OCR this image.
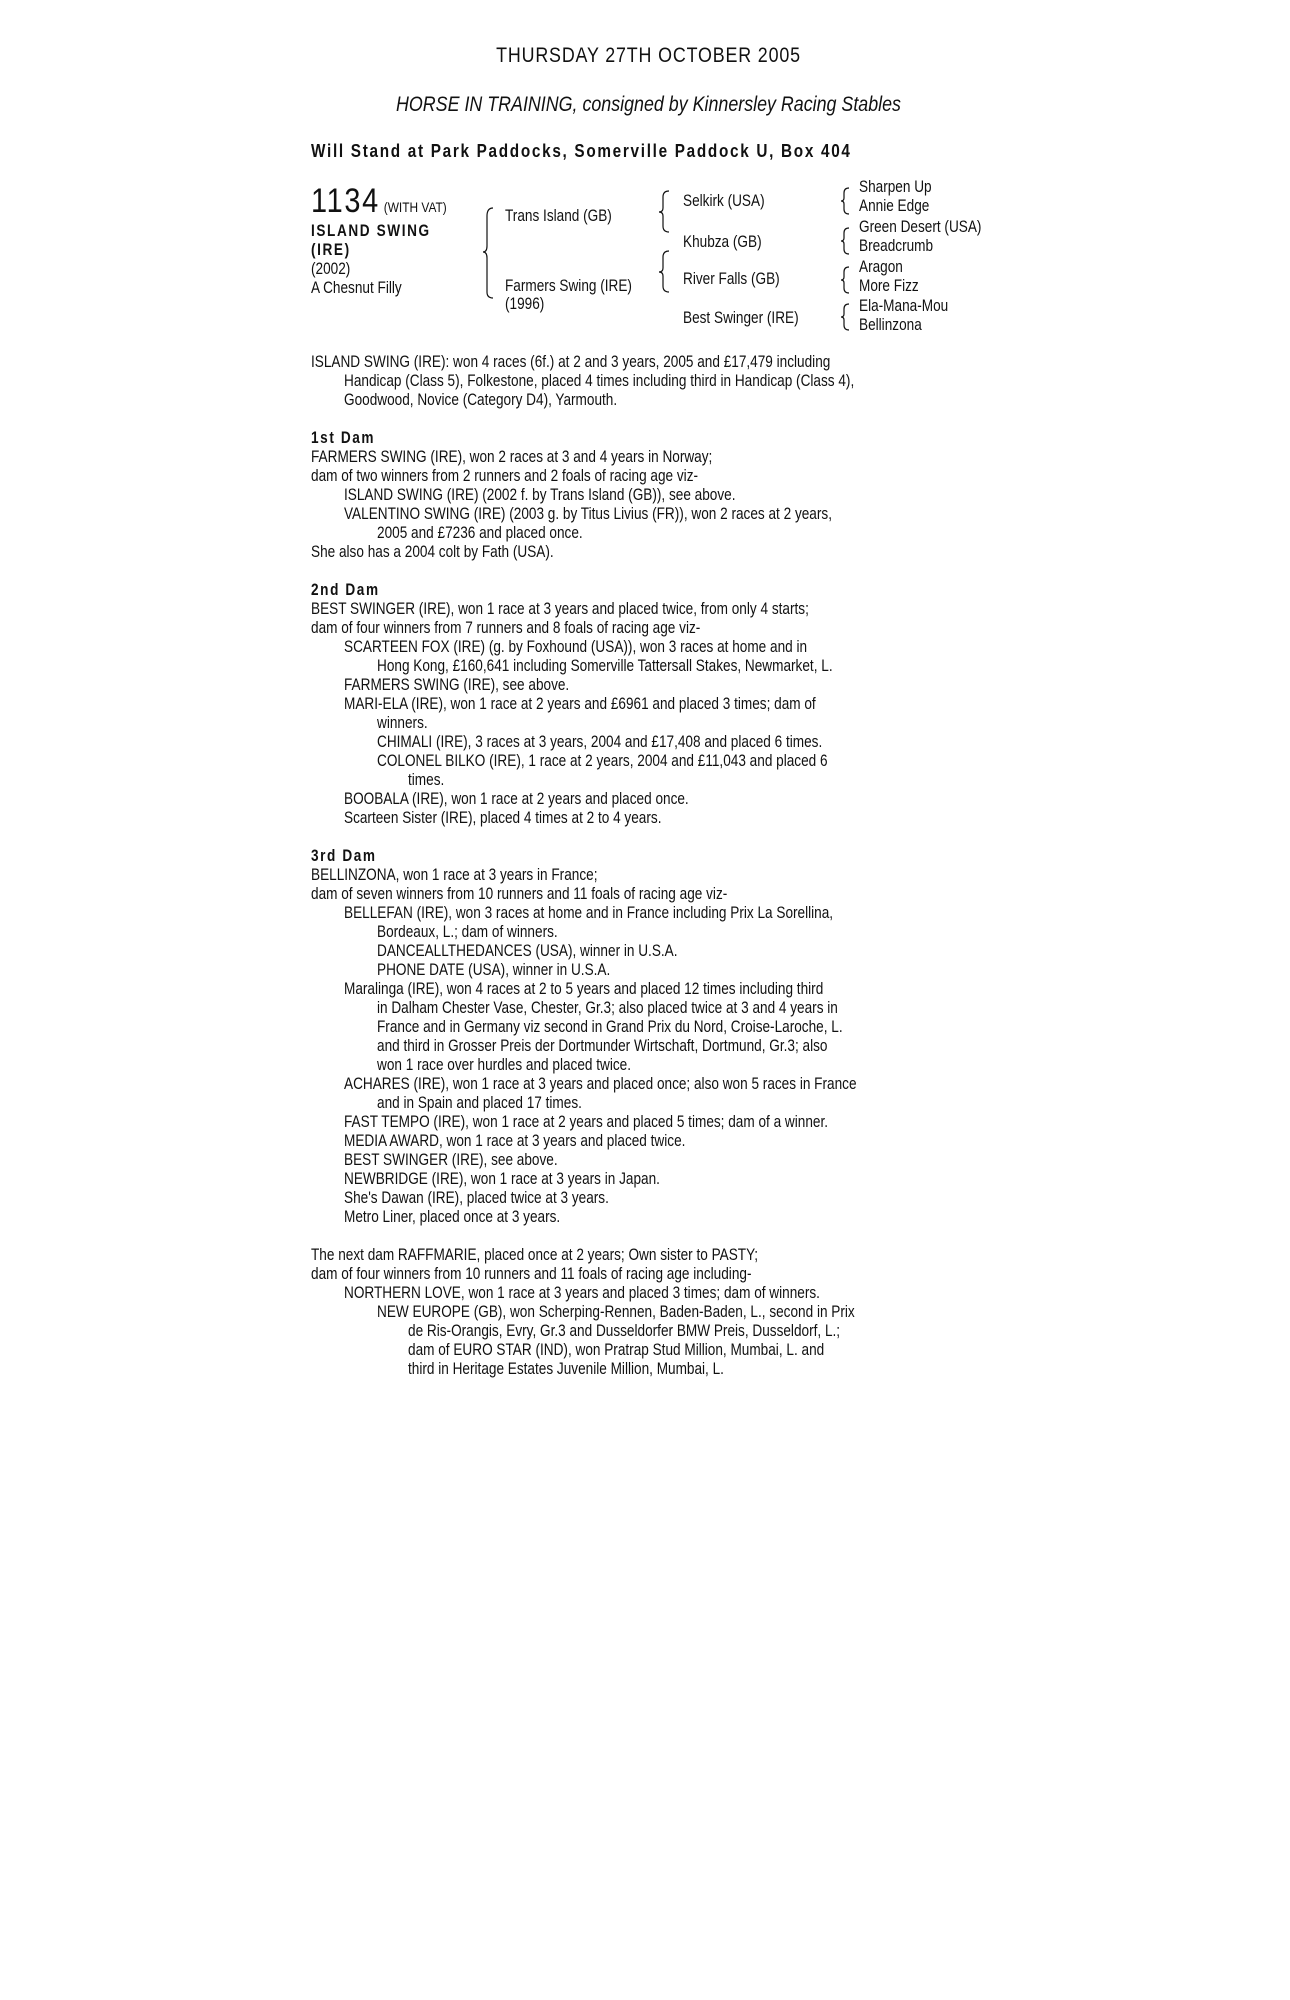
THURSDAY 27TH OCTOBER 2005
HORSE IN TRAINING, consigned by Kinnersley Racing Stables
Will Stand at Park Paddocks, Somerville Paddock U, Box 404
1134 (WITH VAT)
ISLAND SWING
(IRE)
(2002)
A Chesnut Filly
Trans Island (GB)
Farmers Swing (IRE)
(1996)
Selkirk (USA)
Khubza (GB)
River Falls (GB)
Best Swinger (IRE)
Sharpen Up
Annie Edge
Green Desert (USA)
Breadcrumb
Aragon
More Fizz
Ela-Mana-Mou
Bellinzona
ISLAND SWING (IRE): won 4 races (6f.) at 2 and 3 years, 2005 and £17,479 including
Handicap (Class 5), Folkestone, placed 4 times including third in Handicap (Class 4),
Goodwood, Novice (Category D4), Yarmouth.
1st Dam
FARMERS SWING (IRE), won 2 races at 3 and 4 years in Norway;
dam of two winners from 2 runners and 2 foals of racing age viz-
ISLAND SWING (IRE) (2002 f. by Trans Island (GB)), see above.
VALENTINO SWING (IRE) (2003 g. by Titus Livius (FR)), won 2 races at 2 years,
2005 and £7236 and placed once.
She also has a 2004 colt by Fath (USA).
2nd Dam
BEST SWINGER (IRE), won 1 race at 3 years and placed twice, from only 4 starts;
dam of four winners from 7 runners and 8 foals of racing age viz-
SCARTEEN FOX (IRE) (g. by Foxhound (USA)), won 3 races at home and in
Hong Kong, £160,641 including Somerville Tattersall Stakes, Newmarket, L.
FARMERS SWING (IRE), see above.
MARI-ELA (IRE), won 1 race at 2 years and £6961 and placed 3 times; dam of
winners.
CHIMALI (IRE), 3 races at 3 years, 2004 and £17,408 and placed 6 times.
COLONEL BILKO (IRE), 1 race at 2 years, 2004 and £11,043 and placed 6
times.
BOOBALA (IRE), won 1 race at 2 years and placed once.
Scarteen Sister (IRE), placed 4 times at 2 to 4 years.
3rd Dam
BELLINZONA, won 1 race at 3 years in France;
dam of seven winners from 10 runners and 11 foals of racing age viz-
BELLEFAN (IRE), won 3 races at home and in France including Prix La Sorellina,
Bordeaux, L.; dam of winners.
DANCEALLTHEDANCES (USA), winner in U.S.A.
PHONE DATE (USA), winner in U.S.A.
Maralinga (IRE), won 4 races at 2 to 5 years and placed 12 times including third
in Dalham Chester Vase, Chester, Gr.3; also placed twice at 3 and 4 years in
France and in Germany viz second in Grand Prix du Nord, Croise-Laroche, L.
and third in Grosser Preis der Dortmunder Wirtschaft, Dortmund, Gr.3; also
won 1 race over hurdles and placed twice.
ACHARES (IRE), won 1 race at 3 years and placed once; also won 5 races in France
and in Spain and placed 17 times.
FAST TEMPO (IRE), won 1 race at 2 years and placed 5 times; dam of a winner.
MEDIA AWARD, won 1 race at 3 years and placed twice.
BEST SWINGER (IRE), see above.
NEWBRIDGE (IRE), won 1 race at 3 years in Japan.
She's Dawan (IRE), placed twice at 3 years.
Metro Liner, placed once at 3 years.
The next dam RAFFMARIE, placed once at 2 years; Own sister to PASTY;
dam of four winners from 10 runners and 11 foals of racing age including-
NORTHERN LOVE, won 1 race at 3 years and placed 3 times; dam of winners.
NEW EUROPE (GB), won Scherping-Rennen, Baden-Baden, L., second in Prix
de Ris-Orangis, Evry, Gr.3 and Dusseldorfer BMW Preis, Dusseldorf, L.;
dam of EURO STAR (IND), won Pratrap Stud Million, Mumbai, L. and
third in Heritage Estates Juvenile Million, Mumbai, L.
